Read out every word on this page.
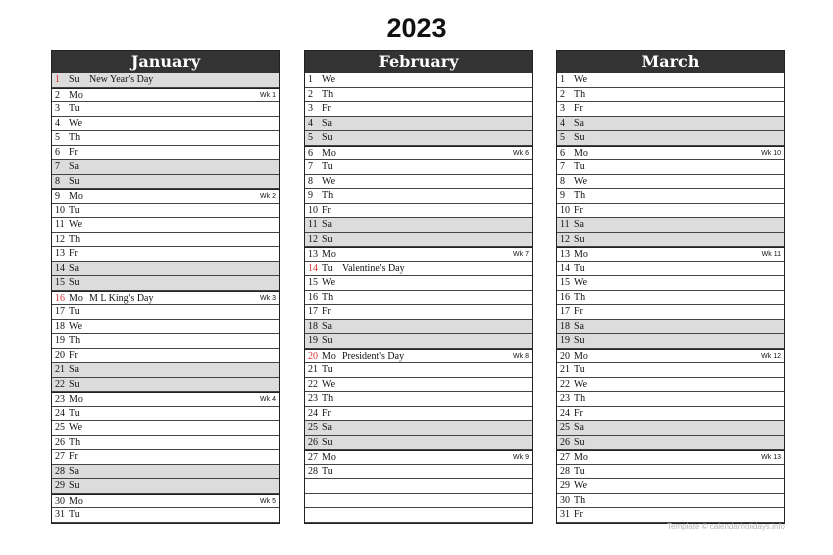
2023
January
1 Su New Year's Day
2 Mo	Wk 1
3 Tu
4 We
5 Th
6 Fr
7 Sa
8 Su
9 Mo	Wk 2
10 Tu
11 We
12 Th
13 Fr
14 Sa
15 Su
16 Mo M L King's Day	Wk 3
17 Tu
18 We
19 Th
20 Fr
21 Sa
22 Su
23 Mo	Wk 4
24 Tu
25 We
26 Th
27 Fr
28 Sa
29 Su
30 Mo	Wk 5
31 Tu
February
1 We
2 Th
3 Fr
4 Sa
5 Su
6 Mo	Wk 6
7 Tu
8 We
9 Th
10 Fr
11 Sa
12 Su
13 Mo	Wk 7
14 Tu Valentine's Day
15 We
16 Th
17 Fr
18 Sa
19 Su
20 Mo President's Day	Wk 8
21 Tu
22 We
23 Th
24 Fr
25 Sa
26 Su
27 Mo	Wk 9
28 Tu
March
1 We
2 Th
3 Fr
4 Sa
5 Su
6 Mo	Wk 10
7 Tu
8 We
9 Th
10 Fr
11 Sa
12 Su
13 Mo	Wk 11
14 Tu
15 We
16 Th
17 Fr
18 Sa
19 Su
20 Mo	Wk 12
21 Tu
22 We
23 Th
24 Fr
25 Sa
26 Su
27 Mo	Wk 13
28 Tu
29 We
30 Th
31 Fr
Template © calendarholidays.info
